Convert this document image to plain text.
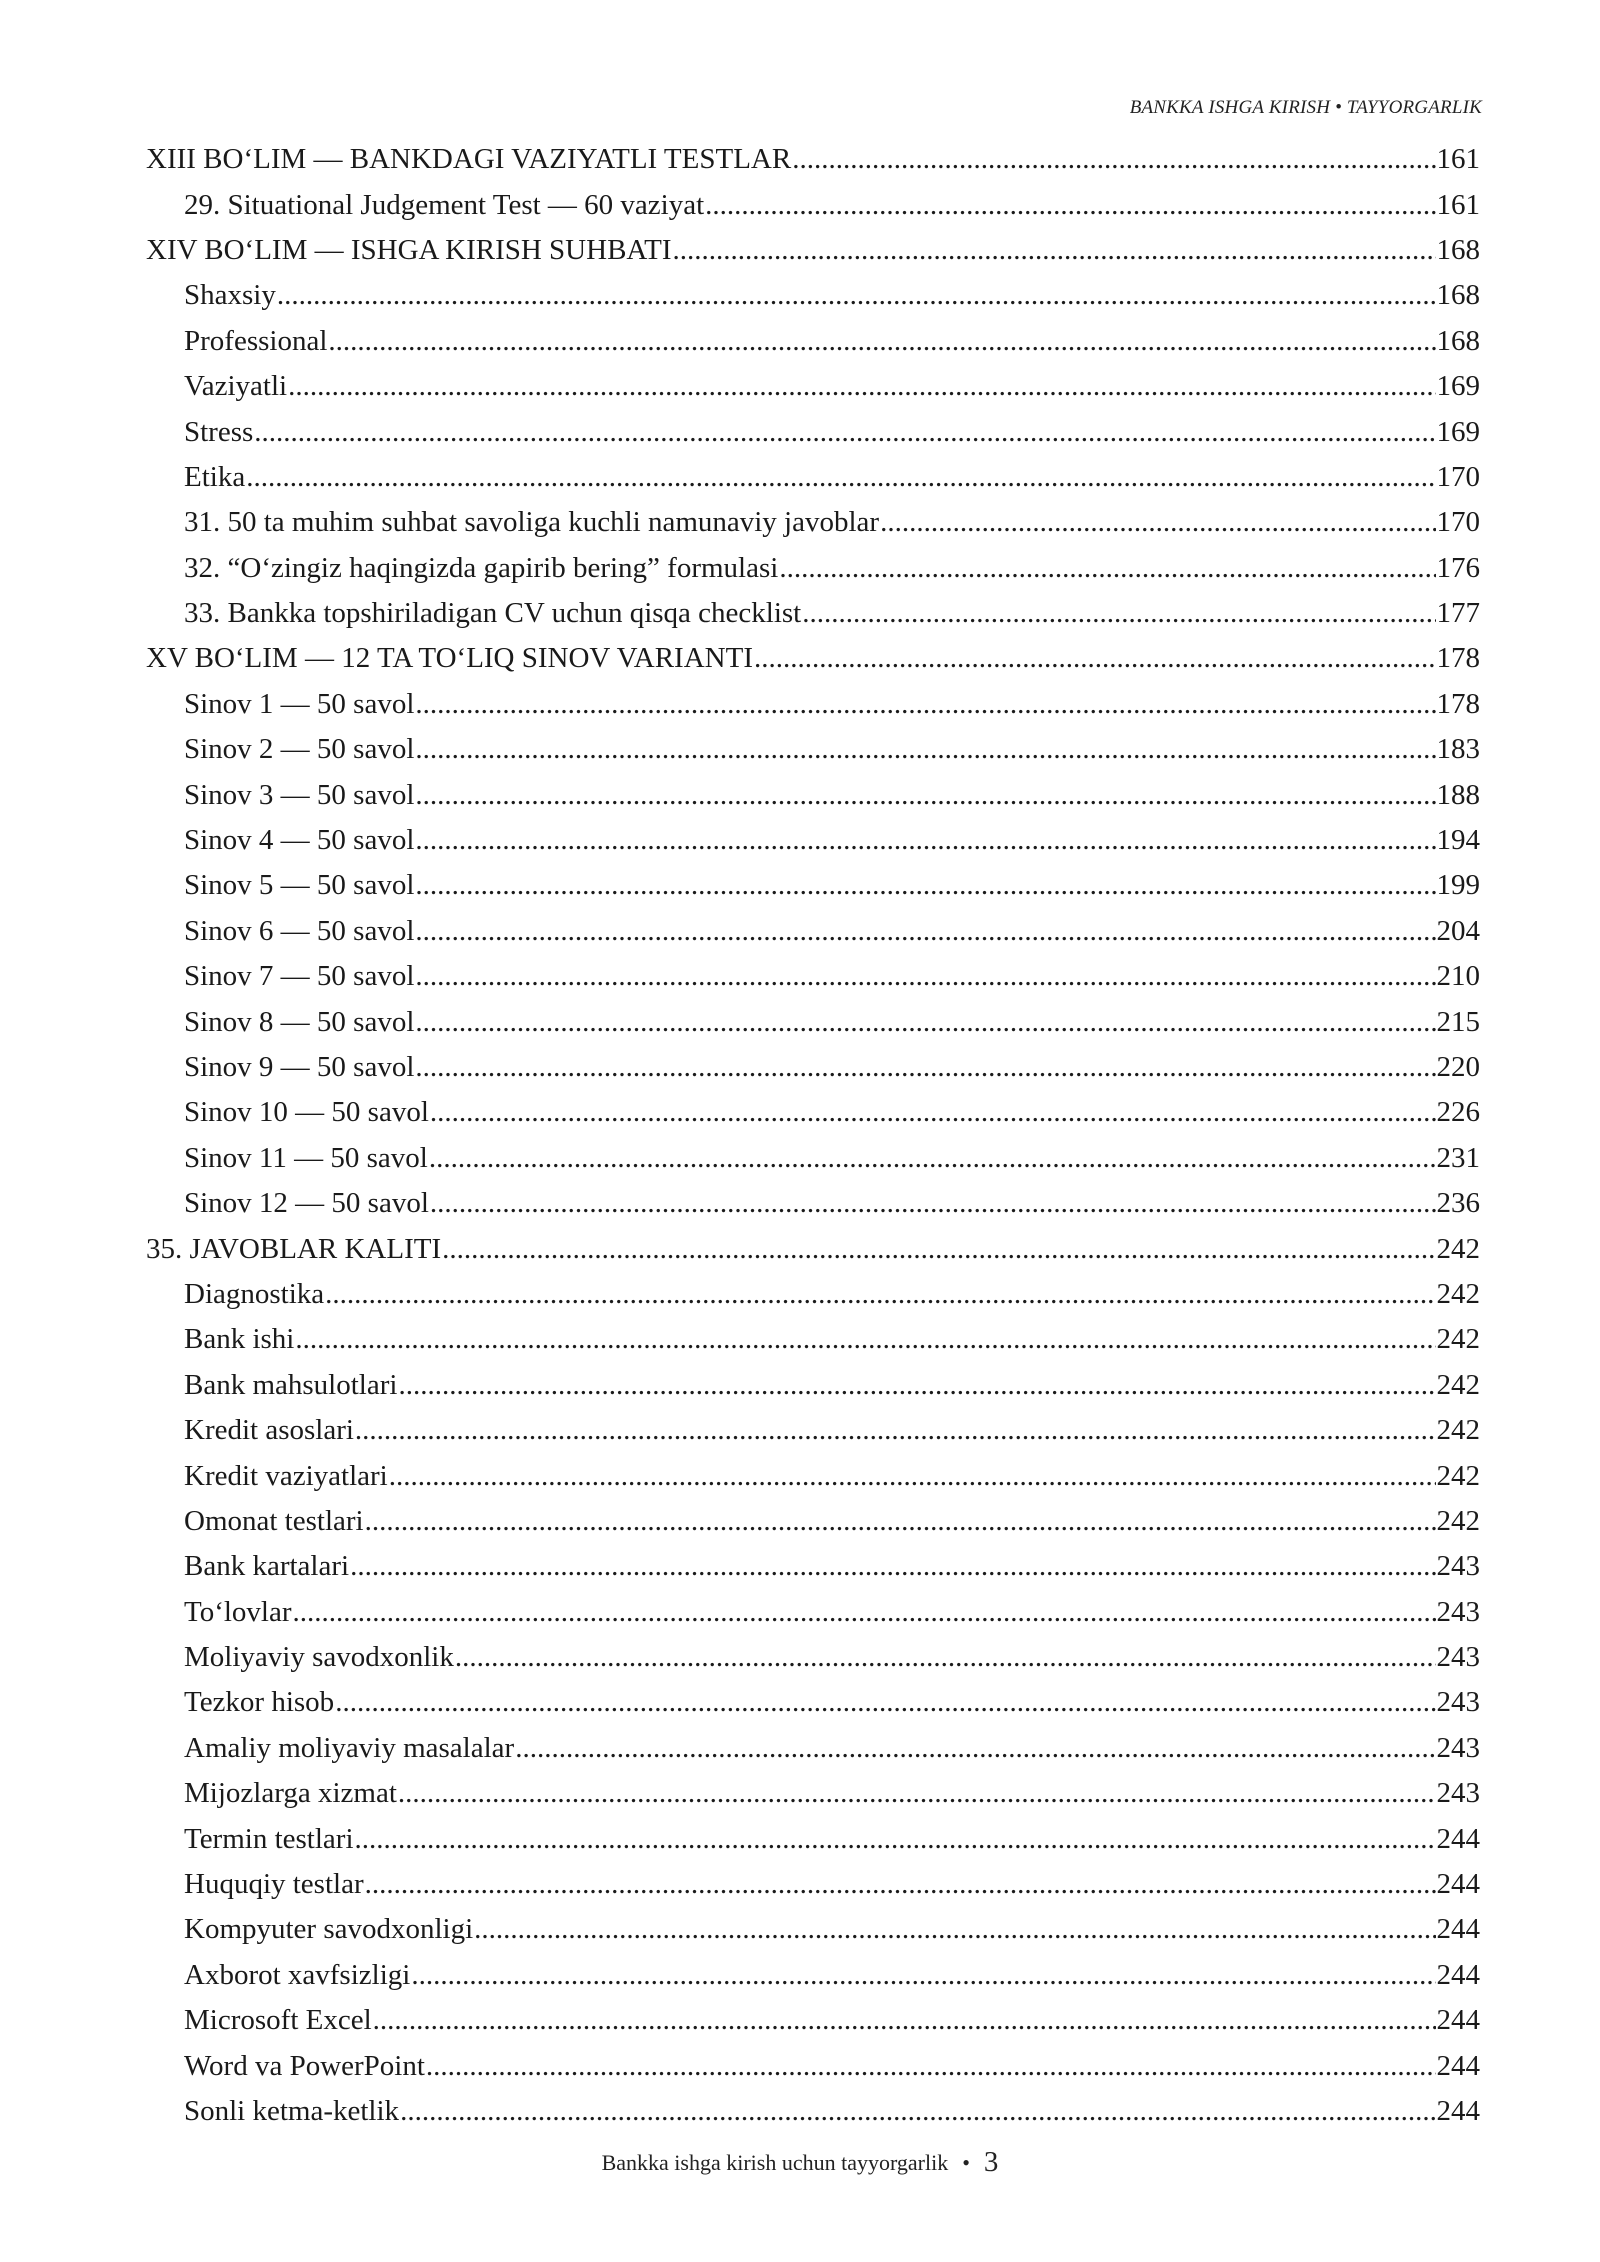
BANKKA ISHGA KIRISH • TAYYORGARLIK
XIII BO‘LIM — BANKDAGI VAZIYATLI TESTLAR .....	161
29. Situational Judgement Test — 60 vaziyat .....	161
XIV BO‘LIM — ISHGA KIRISH SUHBATI .....	168
Shaxsiy .....	168
Professional .....	168
Vaziyatli .....	169
Stress .....	169
Etika .....	170
31. 50 ta muhim suhbat savoliga kuchli namunaviy javoblar .....	170
32. “O‘zingiz haqingizda gapirib bering” formulasi .....	176
33. Bankka topshiriladigan CV uchun qisqa checklist .....	177
XV BO‘LIM — 12 TA TO‘LIQ SINOV VARIANTI .....	178
Sinov 1 — 50 savol .....	178
Sinov 2 — 50 savol .....	183
Sinov 3 — 50 savol .....	188
Sinov 4 — 50 savol .....	194
Sinov 5 — 50 savol .....	199
Sinov 6 — 50 savol .....	204
Sinov 7 — 50 savol .....	210
Sinov 8 — 50 savol .....	215
Sinov 9 — 50 savol .....	220
Sinov 10 — 50 savol .....	226
Sinov 11 — 50 savol .....	231
Sinov 12 — 50 savol .....	236
35. JAVOBLAR KALITI .....	242
Diagnostika .....	242
Bank ishi .....	242
Bank mahsulotlari .....	242
Kredit asoslari .....	242
Kredit vaziyatlari .....	242
Omonat testlari .....	242
Bank kartalari .....	243
To‘lovlar .....	243
Moliyaviy savodxonlik .....	243
Tezkor hisob .....	243
Amaliy moliyaviy masalalar .....	243
Mijozlarga xizmat .....	243
Termin testlari .....	244
Huquqiy testlar .....	244
Kompyuter savodxonligi .....	244
Axborot xavfsizligi .....	244
Microsoft Excel .....	244
Word va PowerPoint .....	244
Sonli ketma-ketlik .....	244
Bankka ishga kirish uchun tayyorgarlik • 3
